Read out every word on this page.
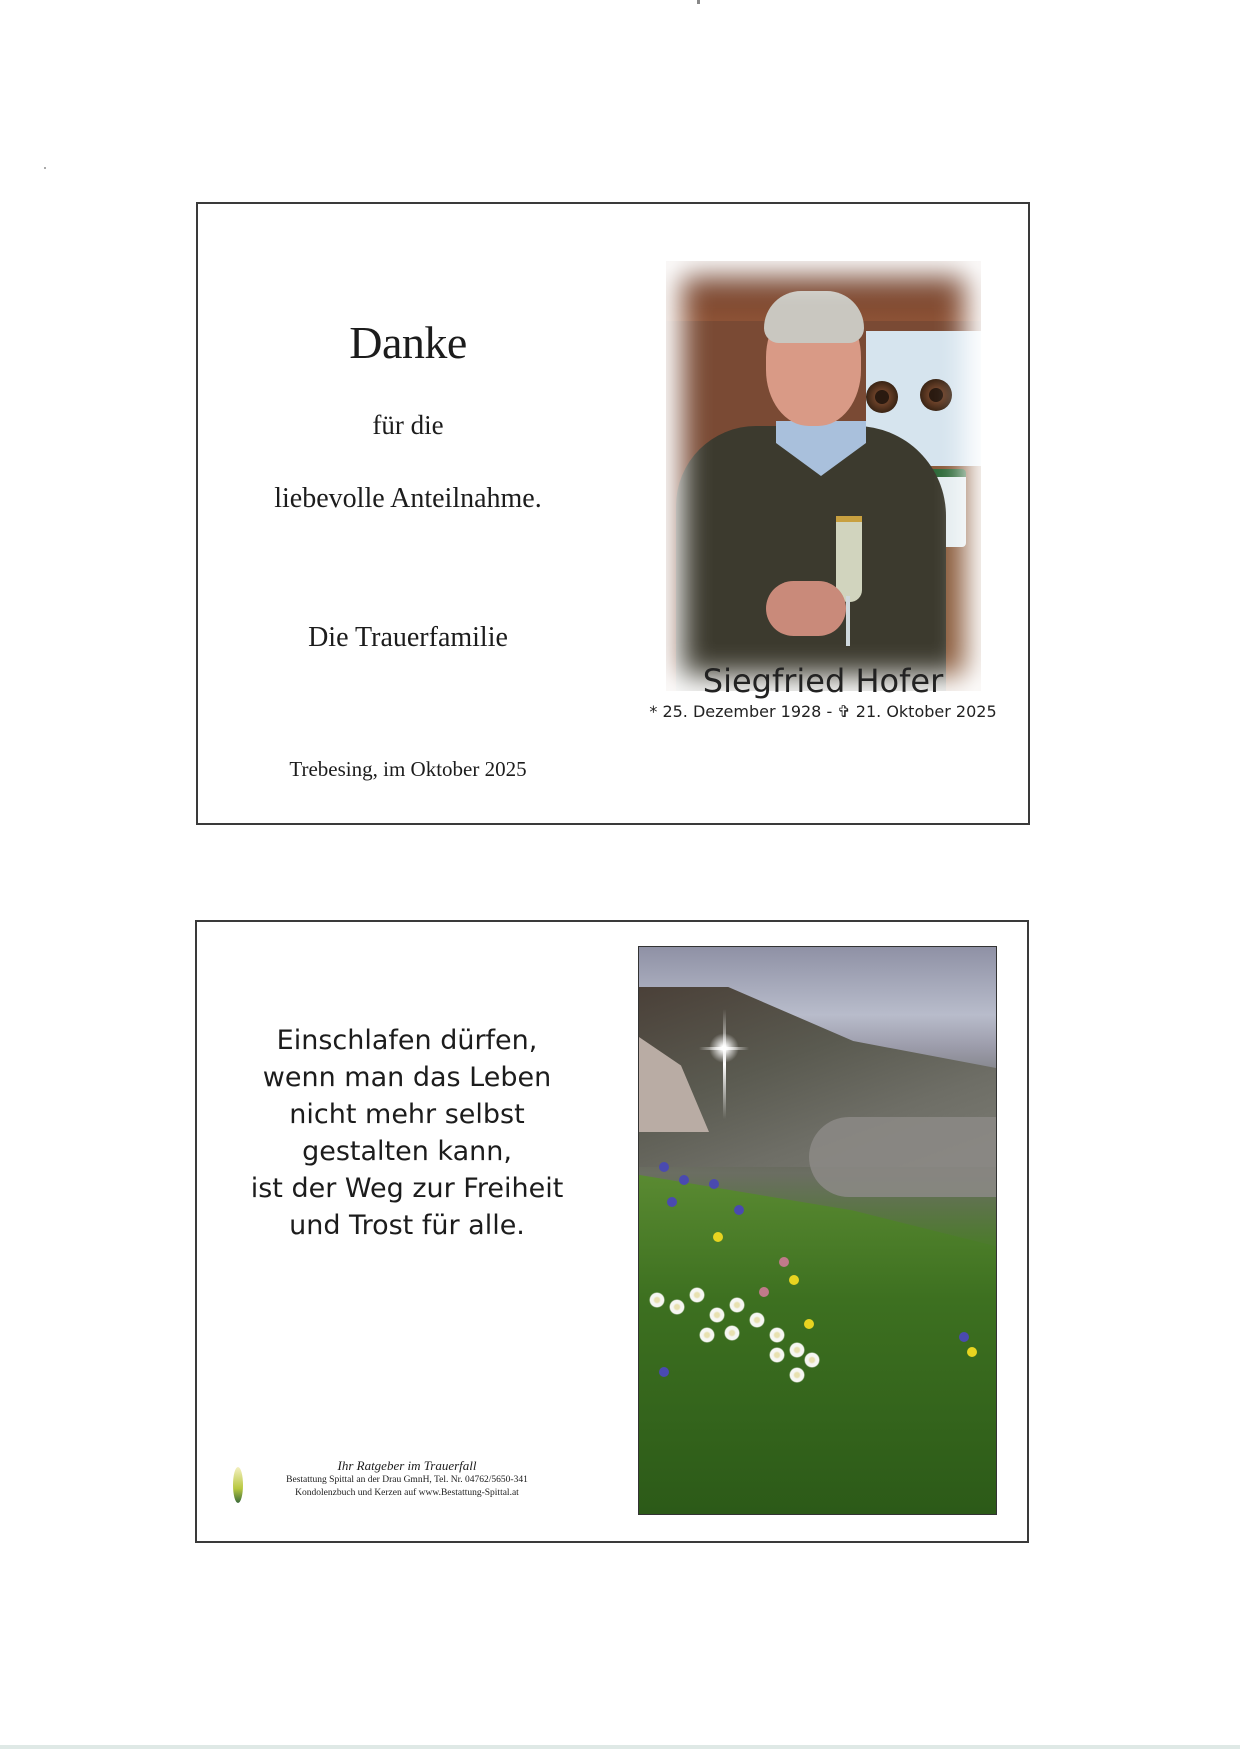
Danke
für die
liebevolle Anteilnahme.
Die Trauerfamilie
Trebesing, im Oktober 2025
Siegfried Hofer
* 25. Dezember 1928 - ✞ 21. Oktober 2025
Einschlafen dürfen,
wenn man das Leben
nicht mehr selbst
gestalten kann,
ist der Weg zur Freiheit
und Trost für alle.
Ihr Ratgeber im Trauerfall
Bestattung Spittal an der Drau GmnH, Tel. Nr. 04762/5650-341
Kondolenzbuch und Kerzen auf www.Bestattung-Spittal.at
